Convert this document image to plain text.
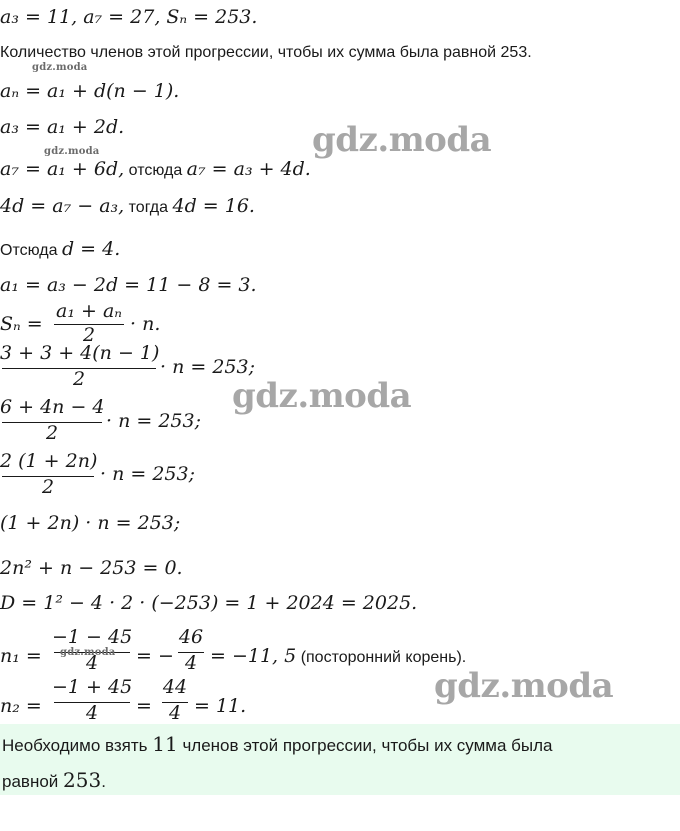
a₃ = 11, a₇ = 27, Sₙ = 253.
Количество членов этой прогрессии, чтобы их сумма была равной 253.
gdz.moda
aₙ = a₁ + d(n − 1).
a₃ = a₁ + 2d.
gdz.moda	gdz.moda
a₇ = a₁ + 6d, отсюда a₇ = a₃ + 4d.
4d = a₇ − a₃, тогда 4d = 16.
Отсюда d = 4.
a₁ = a₃ − 2d = 11 − 8 = 3.
Sₙ =
a₁ + aₙ
2	· n.
3 + 3 + 4(n − 1)
2
· n = 253;
gdz.moda
6 + 4n − 4
2
· n = 253;
2 (1 + 2n)
2
· n = 253;
(1 + 2n) · n = 253;
2n² + n − 253 = 0.
D = 1² − 4 · 2 · (−253) = 1 + 2024 = 2025.
n₁ =
−1 − 45
4
gdz.moda = −
46
4 = −11, 5 (посторонний корень).
gdz.moda
n₂ =
−1 + 45
4	=
44
4 = 11.
Необходимо взять 11 членов этой прогрессии, чтобы их сумма была
равной 253.
